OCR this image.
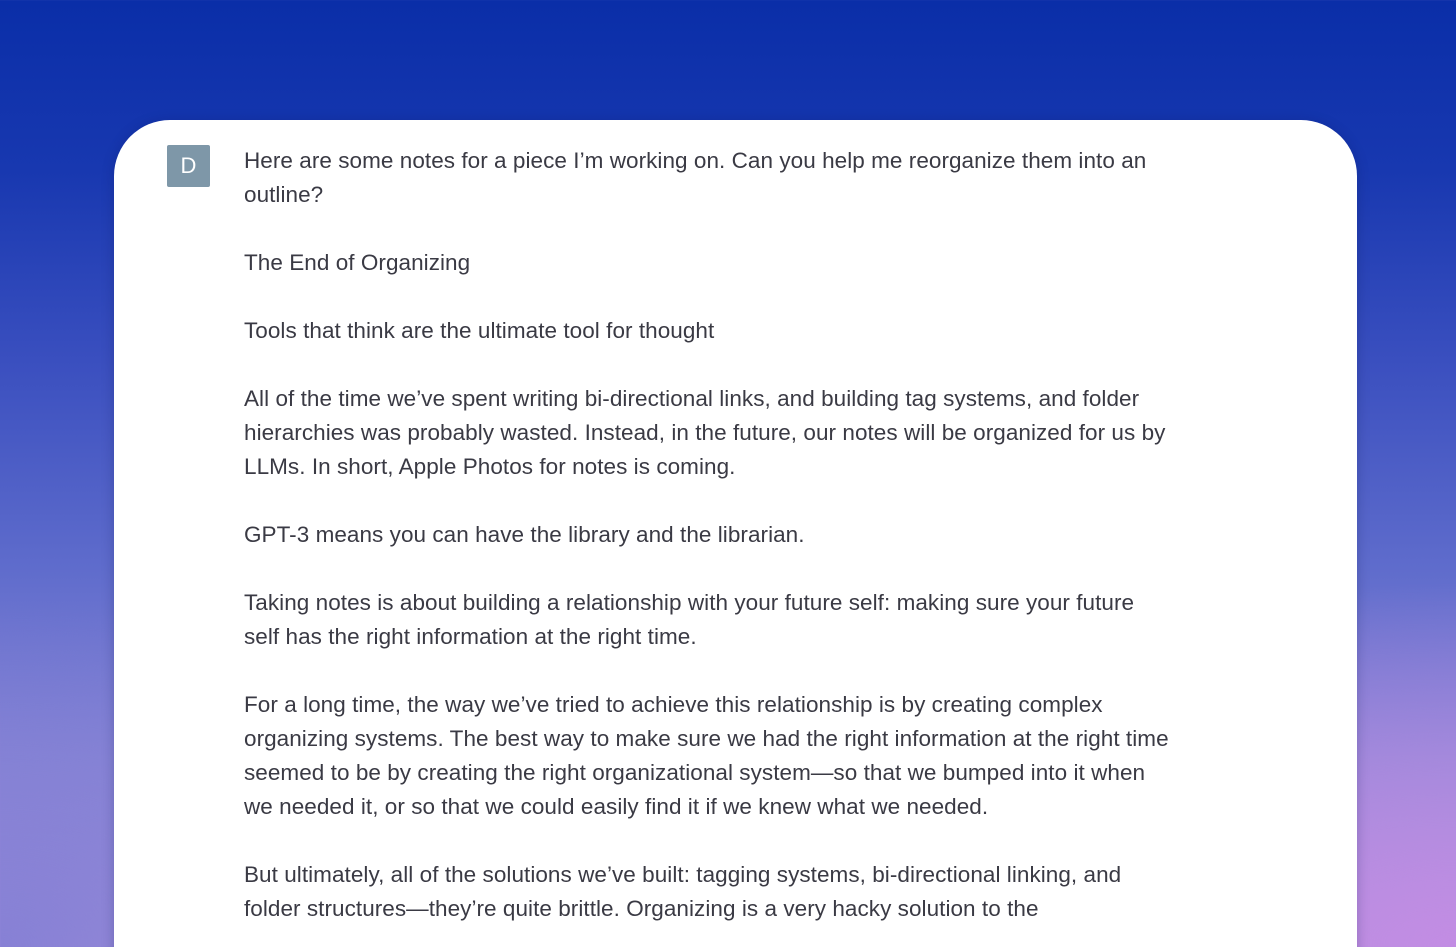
D	Here are some notes for a piece I’m working on. Can you help me reorganize them into an outline?

The End of Organizing

Tools that think are the ultimate tool for thought

All of the time we’ve spent writing bi-directional links, and building tag systems, and folder hierarchies was probably wasted. Instead, in the future, our notes will be organized for us by LLMs. In short, Apple Photos for notes is coming.

GPT-3 means you can have the library and the librarian.

Taking notes is about building a relationship with your future self: making sure your future self has the right information at the right time.

For a long time, the way we’ve tried to achieve this relationship is by creating complex organizing systems. The best way to make sure we had the right information at the right time seemed to be by creating the right organizational system—so that we bumped into it when we needed it, or so that we could easily find it if we knew what we needed.

But ultimately, all of the solutions we’ve built: tagging systems, bi-directional linking, and folder structures—they’re quite brittle. Organizing is a very hacky solution to the
